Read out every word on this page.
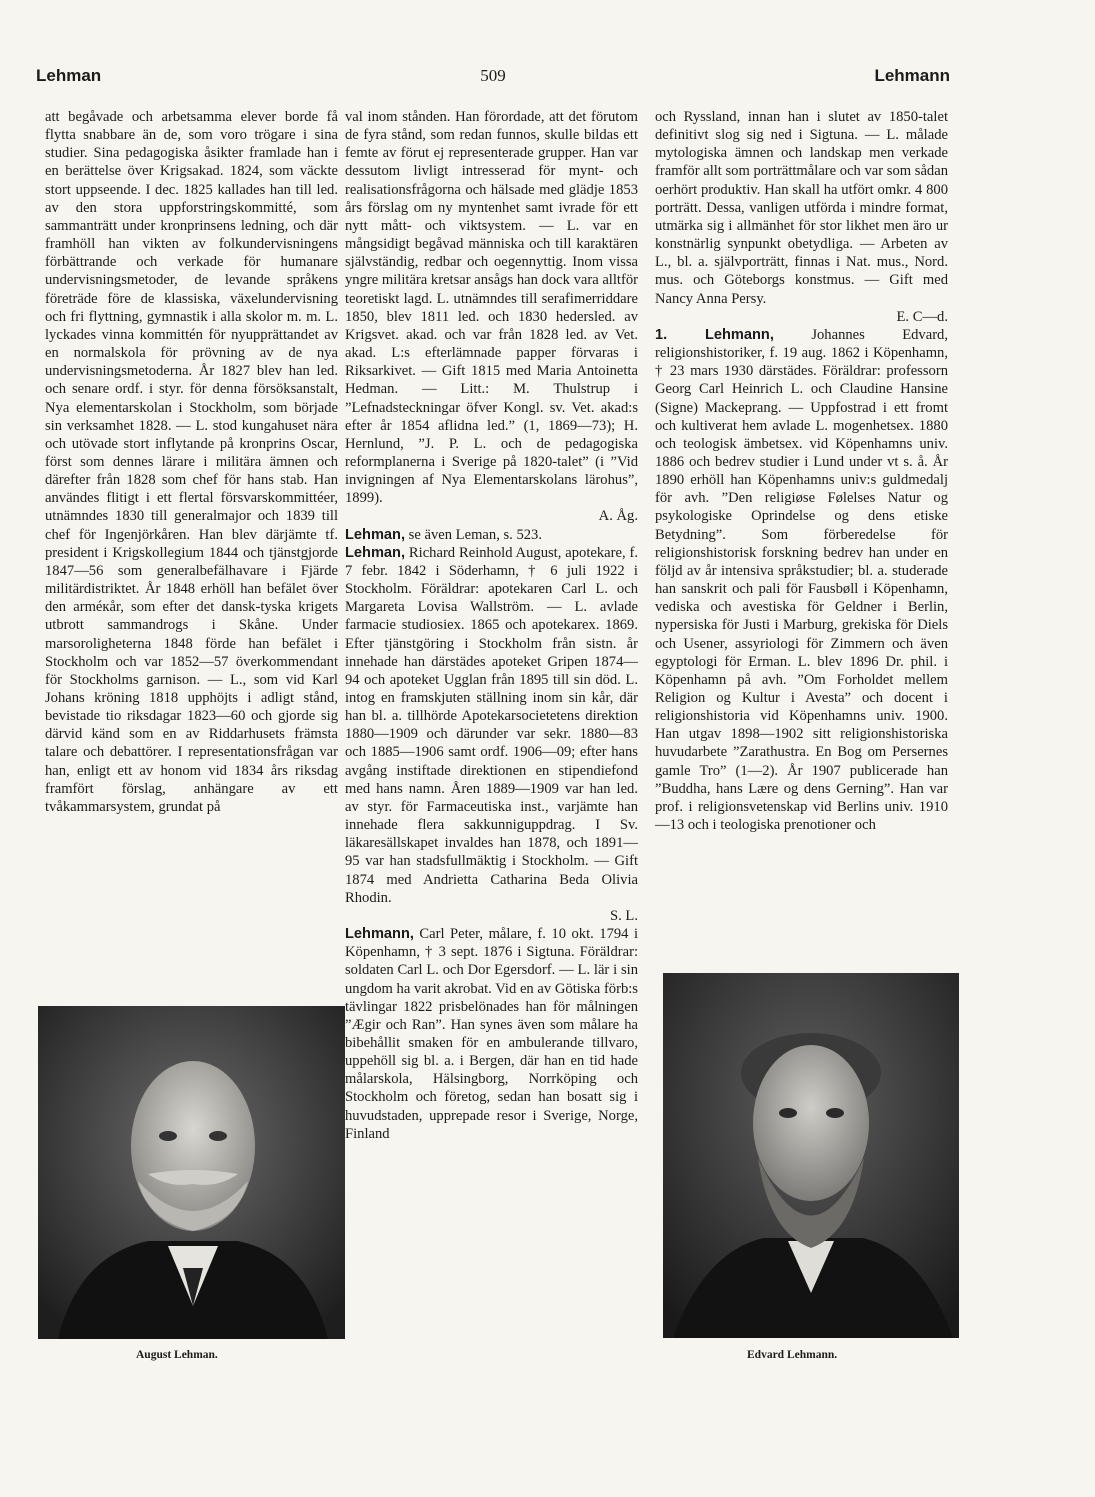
Lehman	509	Lehmann

att begåvade och arbetsamma elever borde få flytta snabbare än de, som voro trögare i sina studier. Sina pedagogiska åsikter framlade han i en berättelse över Krigsakad. 1824, som väckte stort uppseende. I dec. 1825 kallades han till led. av den stora uppforstringskommitté, som sammanträtt under kronprinsens ledning, och där framhöll han vikten av folkundervisningens förbättrande och verkade för humanare undervisningsmetoder, de levande språkens företräde före de klassiska, växelundervisning och fri flyttning, gymnastik i alla skolor m. m. L. lyckades vinna kommittén för nyupprättandet av en normalskola för prövning av de nya undervisningsmetoderna. År 1827 blev han led. och senare ordf. i styr. för denna försöksanstalt, Nya elementarskolan i Stockholm, som började sin verksamhet 1828. — L. stod kungahuset nära och utövade stort inflytande på kronprins Oscar, först som dennes lärare i militära ämnen och därefter från 1828 som chef för hans stab. Han användes flitigt i ett flertal försvarskommittéer, utnämndes 1830 till generalmajor och 1839 till chef för Ingenjörkåren. Han blev därjämte tf. president i Krigskollegium 1844 och tjänstgjorde 1847—56 som generalbefälhavare i Fjärde militärdistriktet. År 1848 erhöll han befälet över den arméкår, som efter det dansk-tyska krigets utbrott sammandrogs i Skåne. Under marsoroligheterna 1848 förde han befälet i Stockholm och var 1852—57 överkommendant för Stockholms garnison. — L., som vid Karl Johans kröning 1818 upphöjts i adligt stånd, bevistade tio riksdagar 1823—60 och gjorde sig därvid känd som en av Riddarhusets främsta talare och debattörer. I representationsfrågan var han, enligt ett av honom vid 1834 års riksdag framfört förslag, anhängare av ett tvåkammarsystem, grundat på

val inom stånden. Han förordade, att det förutom de fyra stånd, som redan funnos, skulle bildas ett femte av förut ej representerade grupper. Han var dessutom livligt intresserad för mynt- och realisationsfrågorna och hälsade med glädje 1853 års förslag om ny myntenhet samt ivrade för ett nytt mått- och viktsystem. — L. var en mångsidigt begåvad människa och till karaktären självständig, redbar och oegennyttig. Inom vissa yngre militära kretsar ansågs han dock vara alltför teoretiskt lagd. L. utnämndes till serafimerriddare 1850, blev 1811 led. och 1830 hedersled. av Krigsvet. akad. och var från 1828 led. av Vet. akad. L:s efterlämnade papper förvaras i Riksarkivet. — Gift 1815 med Maria Antoinetta Hedman. — Litt.: M. Thulstrup i ”Lefnadsteckningar öfver Kongl. sv. Vet. akad:s efter år 1854 aflidna led.” (1, 1869—73); H. Hernlund, ”J. P. L. och de pedagogiska reformplanerna i Sverige på 1820-talet” (i ”Vid invigningen af Nya Elementarskolans lärohus”, 1899).

A. Åg.

Lehman, se även Leman, s. 523.

Lehman, Richard Reinhold August, apotekare, f. 7 febr. 1842 i Söderhamn, † 6 juli 1922 i Stockholm. Föräldrar: apotekaren Carl L. och Margareta Lovisa Wallström. — L. avlade farmacie studiosiex. 1865 och apotekarex. 1869. Efter tjänstgöring i Stockholm från sistn. år innehade han därstädes apoteket Gripen 1874—94 och apoteket Ugglan från 1895 till sin död. L. intog en framskjuten ställning inom sin kår, där han bl. a. tillhörde Apotekarsocietetens direktion 1880—1909 och därunder var sekr. 1880—83 och 1885—1906 samt ordf. 1906—09; efter hans avgång instiftade direktionen en stipendiefond med hans namn. Åren 1889—1909 var han led. av styr. för Farmaceutiska inst., varjämte han innehade flera sakkunniguppdrag. I Sv. läkaresällskapet invaldes han 1878, och 1891—95 var han stadsfullmäktig i Stockholm. — Gift 1874 med Andrietta Catharina Beda Olivia Rhodin.

S. L.

Lehmann, Carl Peter, målare, f. 10 okt. 1794 i Köpenhamn, † 3 sept. 1876 i Sigtuna. Föräldrar: soldaten Carl L. och Dor Egersdorf. — L. lär i sin ungdom ha varit akrobat. Vid en av Götiska förb:s tävlingar 1822 prisbelönades han för målningen ”Ægir och Ran”. Han synes även som målare ha bibehållit smaken för en ambulerande tillvaro, uppehöll sig bl. a. i Bergen, där han en tid hade målarskola, Hälsingborg, Norrköping och Stockholm och företog, sedan han bosatt sig i huvudstaden, upprepade resor i Sverige, Norge, Finland

och Ryssland, innan han i slutet av 1850-talet definitivt slog sig ned i Sigtuna. — L. målade mytologiska ämnen och landskap men verkade framför allt som porträttmålare och var som sådan oerhört produktiv. Han skall ha utfört omkr. 4 800 porträtt. Dessa, vanligen utförda i mindre format, utmärka sig i allmänhet för stor likhet men äro ur konstnärlig synpunkt obetydliga. — Arbeten av L., bl. a. självporträtt, finnas i Nat. mus., Nord. mus. och Göteborgs konstmus. — Gift med Nancy Anna Persy.

E. C—d.

1. Lehmann,	Johannes Edvard, religionshistoriker, f. 19 aug. 1862 i Köpenhamn, † 23 mars 1930 därstädes. Föräldrar: professorn Georg Carl Heinrich L. och Claudine Hansine (Signe) Mackeprang. — Uppfostrad i ett fromt och kultiverat hem avlade L. mogenhetsex. 1880 och teologisk ämbetsex. vid Köpenhamns univ. 1886 och bedrev studier i Lund under vt s. å. År 1890 erhöll han Köpenhamns univ:s guldmedalj för avh. ”Den religiøse Følelses Natur og psykologiske Oprindelse og dens etiske Betydning”. Som förberedelse för religionshistorisk forskning bedrev han under en följd av år intensiva språkstudier; bl. a. studerade han sanskrit och pali för Fausbøll i Köpenhamn, vediska och avestiska för Geldner i Berlin, nypersiska för Justi i Marburg, grekiska för Diels och Usener, assyriologi för Zimmern och även egyptologi för Erman. L. blev 1896 Dr. phil. i Köpenhamn på avh. ”Om Forholdet mellem Religion og Kultur i Avesta” och docent i religionshistoria vid Köpenhamns univ. 1900. Han utgav 1898—1902 sitt religionshistoriska huvudarbete ”Zarathustra. En Bog om Persernes gamle Tro” (1—2). År 1907 publicerade han ”Buddha, hans Lære og dens Gerning”. Han var prof. i religionsvetenskap vid Berlins univ. 1910—13 och i teologiska prenotioner och

August Lehman.	Edvard Lehmann.
